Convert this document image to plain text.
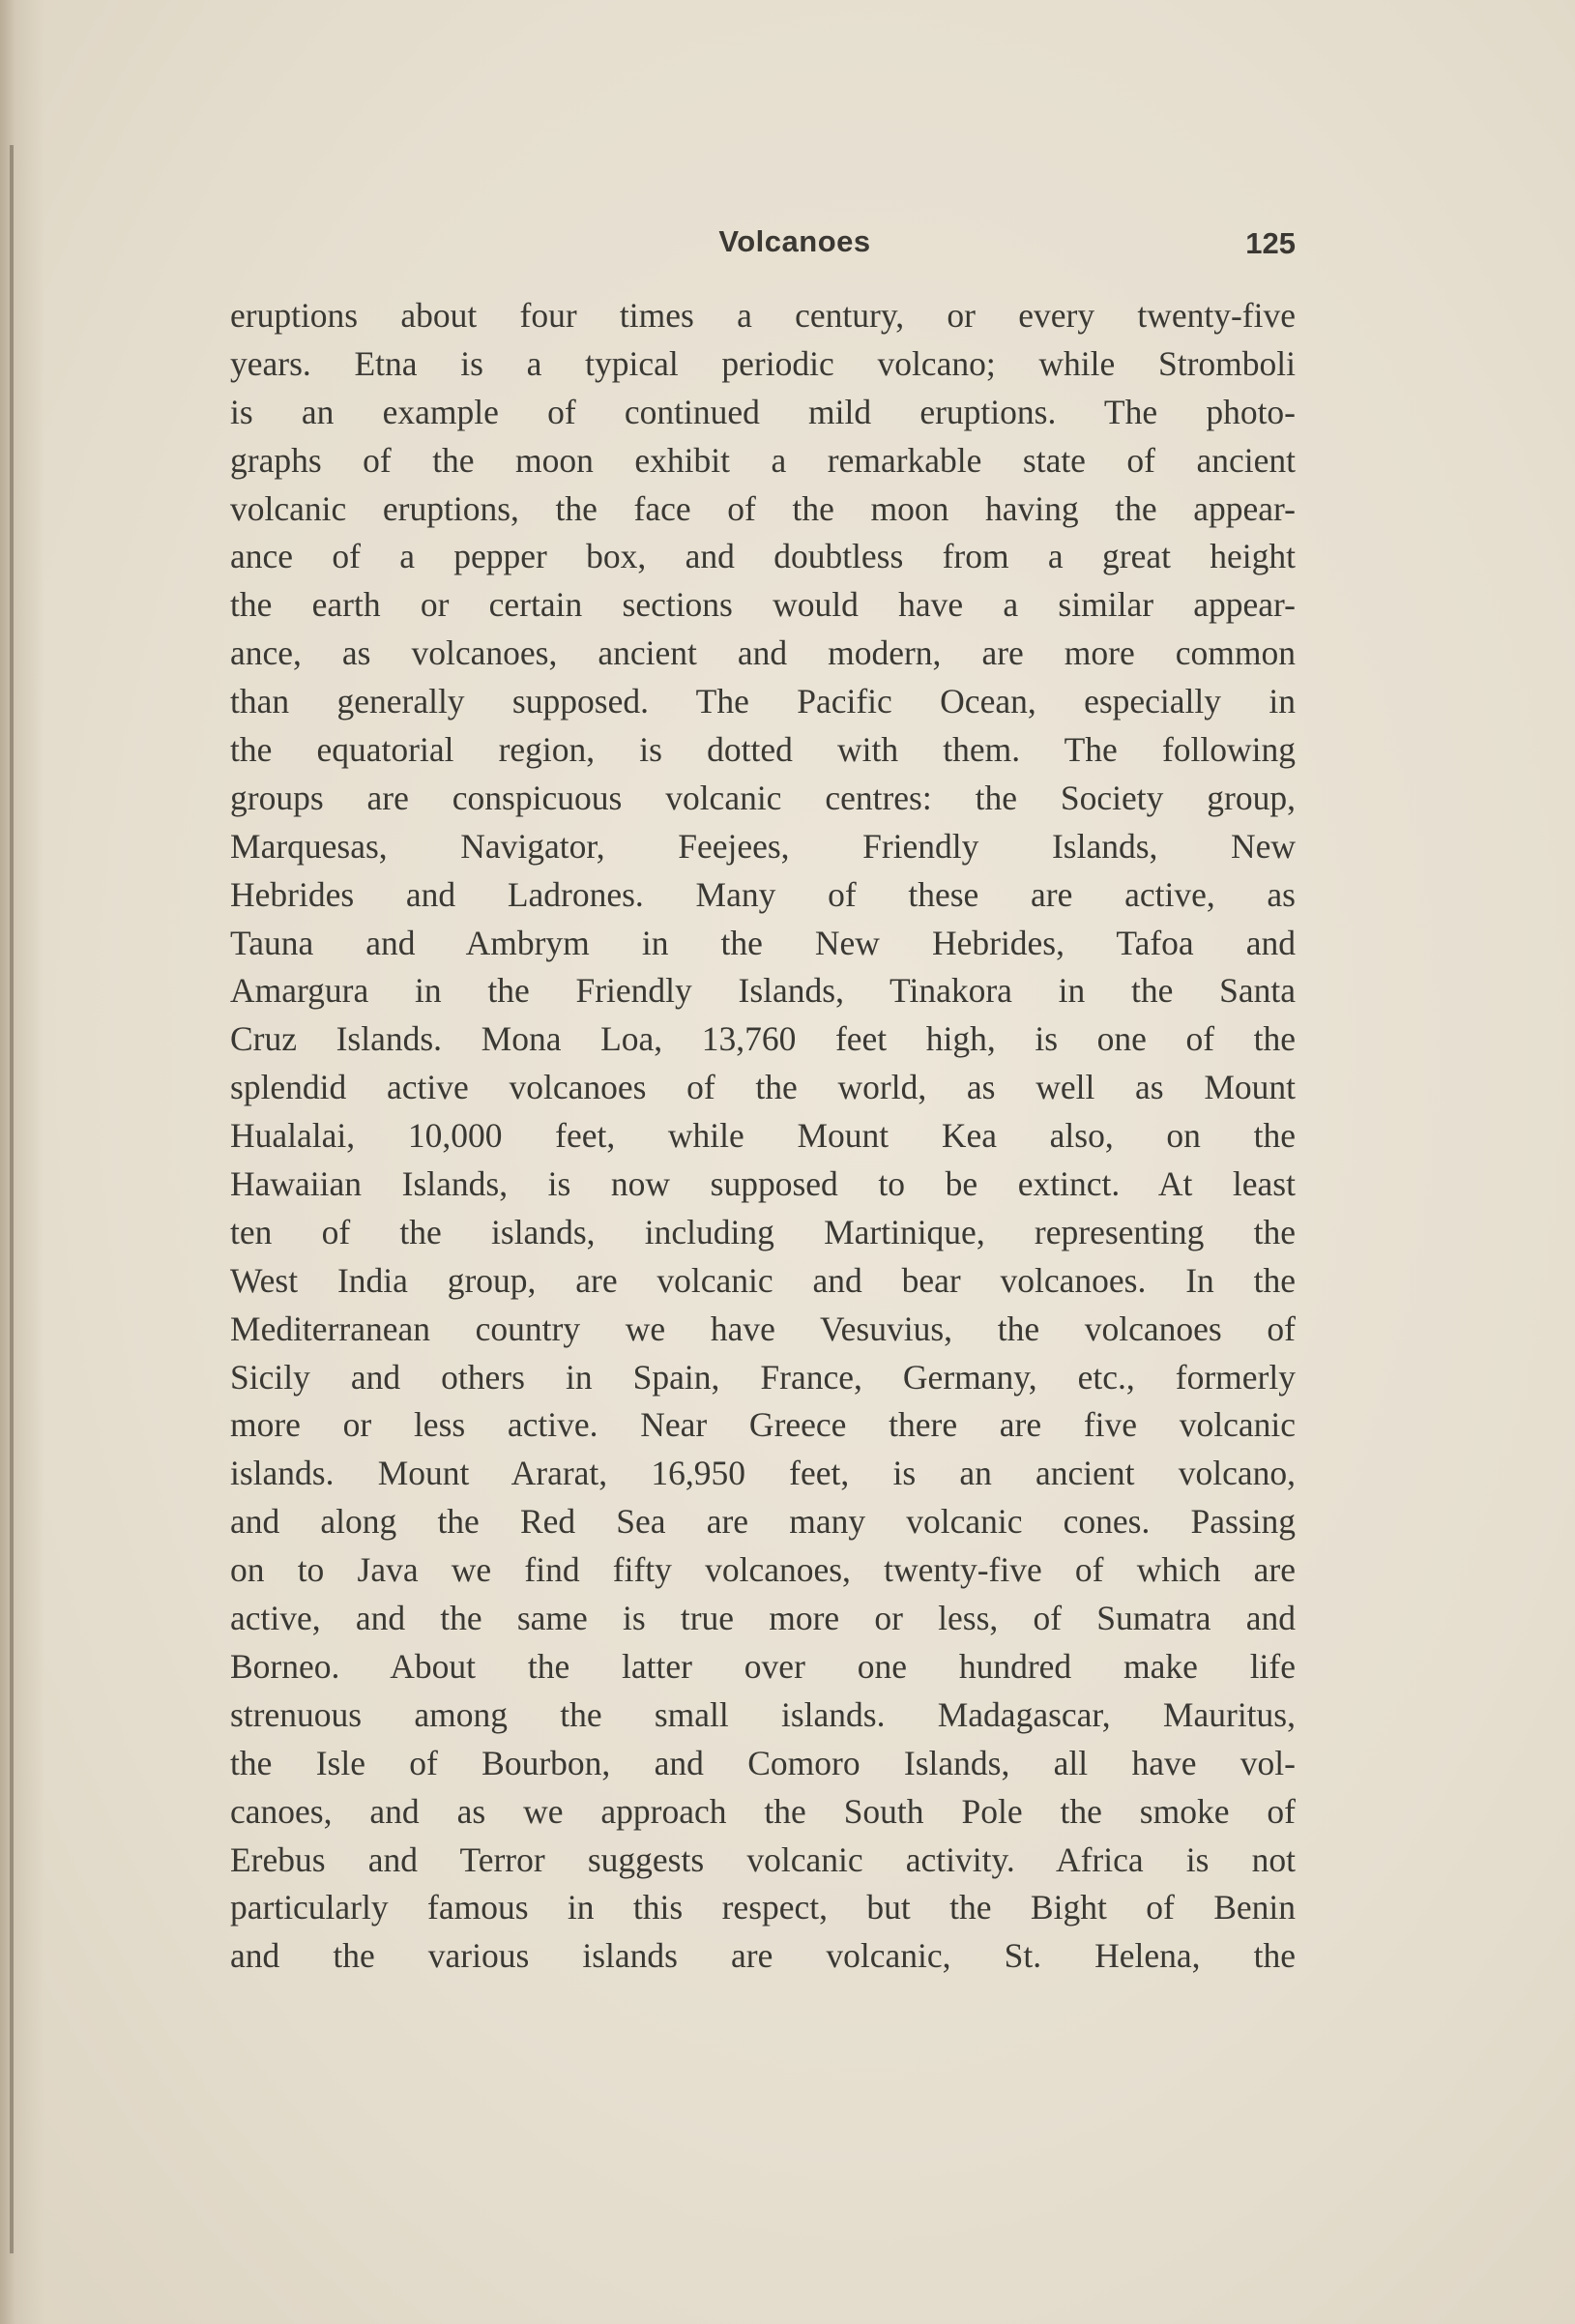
Volcanoes	125
eruptions about four times a century, or every twenty-five
years. Etna is a typical periodic volcano; while Stromboli
is an example of continued mild eruptions. The photo-
graphs of the moon exhibit a remarkable state of ancient
volcanic eruptions, the face of the moon having the appear-
ance of a pepper box, and doubtless from a great height
the earth or certain sections would have a similar appear-
ance, as volcanoes, ancient and modern, are more common
than generally supposed. The Pacific Ocean, especially in
the equatorial region, is dotted with them. The following
groups are conspicuous volcanic centres: the Society group,
Marquesas, Navigator, Feejees, Friendly Islands, New
Hebrides and Ladrones. Many of these are active, as
Tauna and Ambrym in the New Hebrides, Tafoa and
Amargura in the Friendly Islands, Tinakora in the Santa
Cruz Islands. Mona Loa, 13,760 feet high, is one of the
splendid active volcanoes of the world, as well as Mount
Hualalai, 10,000 feet, while Mount Kea also, on the
Hawaiian Islands, is now supposed to be extinct. At least
ten of the islands, including Martinique, representing the
West India group, are volcanic and bear volcanoes. In the
Mediterranean country we have Vesuvius, the volcanoes of
Sicily and others in Spain, France, Germany, etc., formerly
more or less active. Near Greece there are five volcanic
islands. Mount Ararat, 16,950 feet, is an ancient volcano,
and along the Red Sea are many volcanic cones. Passing
on to Java we find fifty volcanoes, twenty-five of which are
active, and the same is true more or less, of Sumatra and
Borneo. About the latter over one hundred make life
strenuous among the small islands. Madagascar, Mauritus,
the Isle of Bourbon, and Comoro Islands, all have vol-
canoes, and as we approach the South Pole the smoke of
Erebus and Terror suggests volcanic activity. Africa is not
particularly famous in this respect, but the Bight of Benin
and the various islands are volcanic, St. Helena, the
